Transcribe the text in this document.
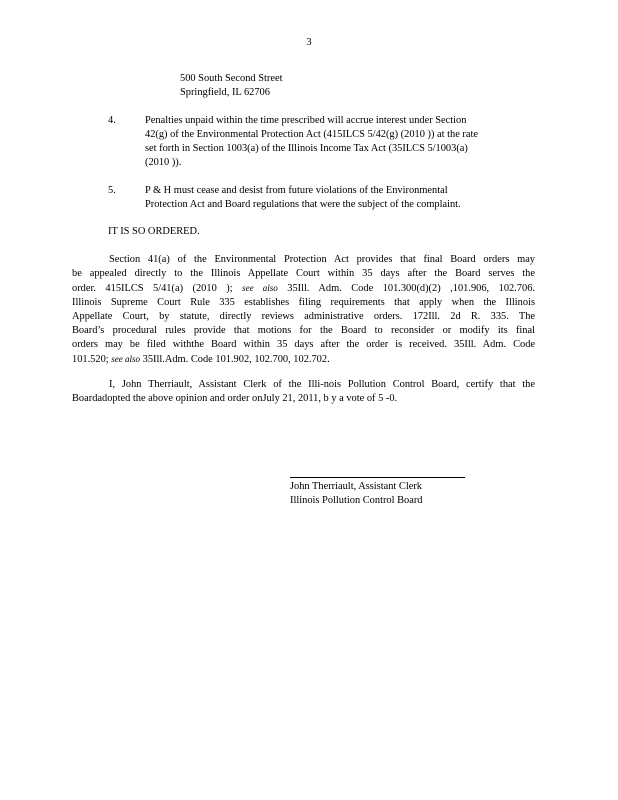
3
500 South Second Street
Springfield, IL 62706
4.	Penalties unpaid within the time prescribed will accrue interest under Section
42(g) of the Environmental Protection Act (415ILCS 5/42(g) (2010 )) at the rate
set forth in Section 1003(a) of the Illinois Income Tax Act (35ILCS 5/1003(a)
(2010 )).
5.	P & H must cease and desist from future violations of the Environmental
Protection Act and Board regulations that were the subject of the complaint.
IT IS SO ORDERED.
Section 41(a) of the Environmental Protection Act provides that final Board orders may
be appealed directly to the Illinois Appellate Court within 35 days after the Board serves the
order. 415ILCS 5/41(a) (2010 ); see also 35Ill. Adm. Code 101.300(d)(2) ,101.906, 102.706.
Illinois Supreme Court Rule 335 establishes filing requirements that apply when the Illinois
Appellate Court, by statute, directly reviews administrative orders. 172Ill. 2d R. 335. The
Board’s procedural rules provide that motions for the Board to reconsider or modify its final
orders may be filed withthe Board within 35 days after the order is received. 35Ill. Adm. Code
101.520; see also 35Ill.Adm. Code 101.902, 102.700, 102.702.
I, John Therriault, Assistant Clerk of the Illi-nois Pollution Control Board, certify that the
Boardadopted the above opinion and order onJuly 21, 2011, b y a vote of 5 -0.
John Therriault, Assistant Clerk
Illinois Pollution Control Board
